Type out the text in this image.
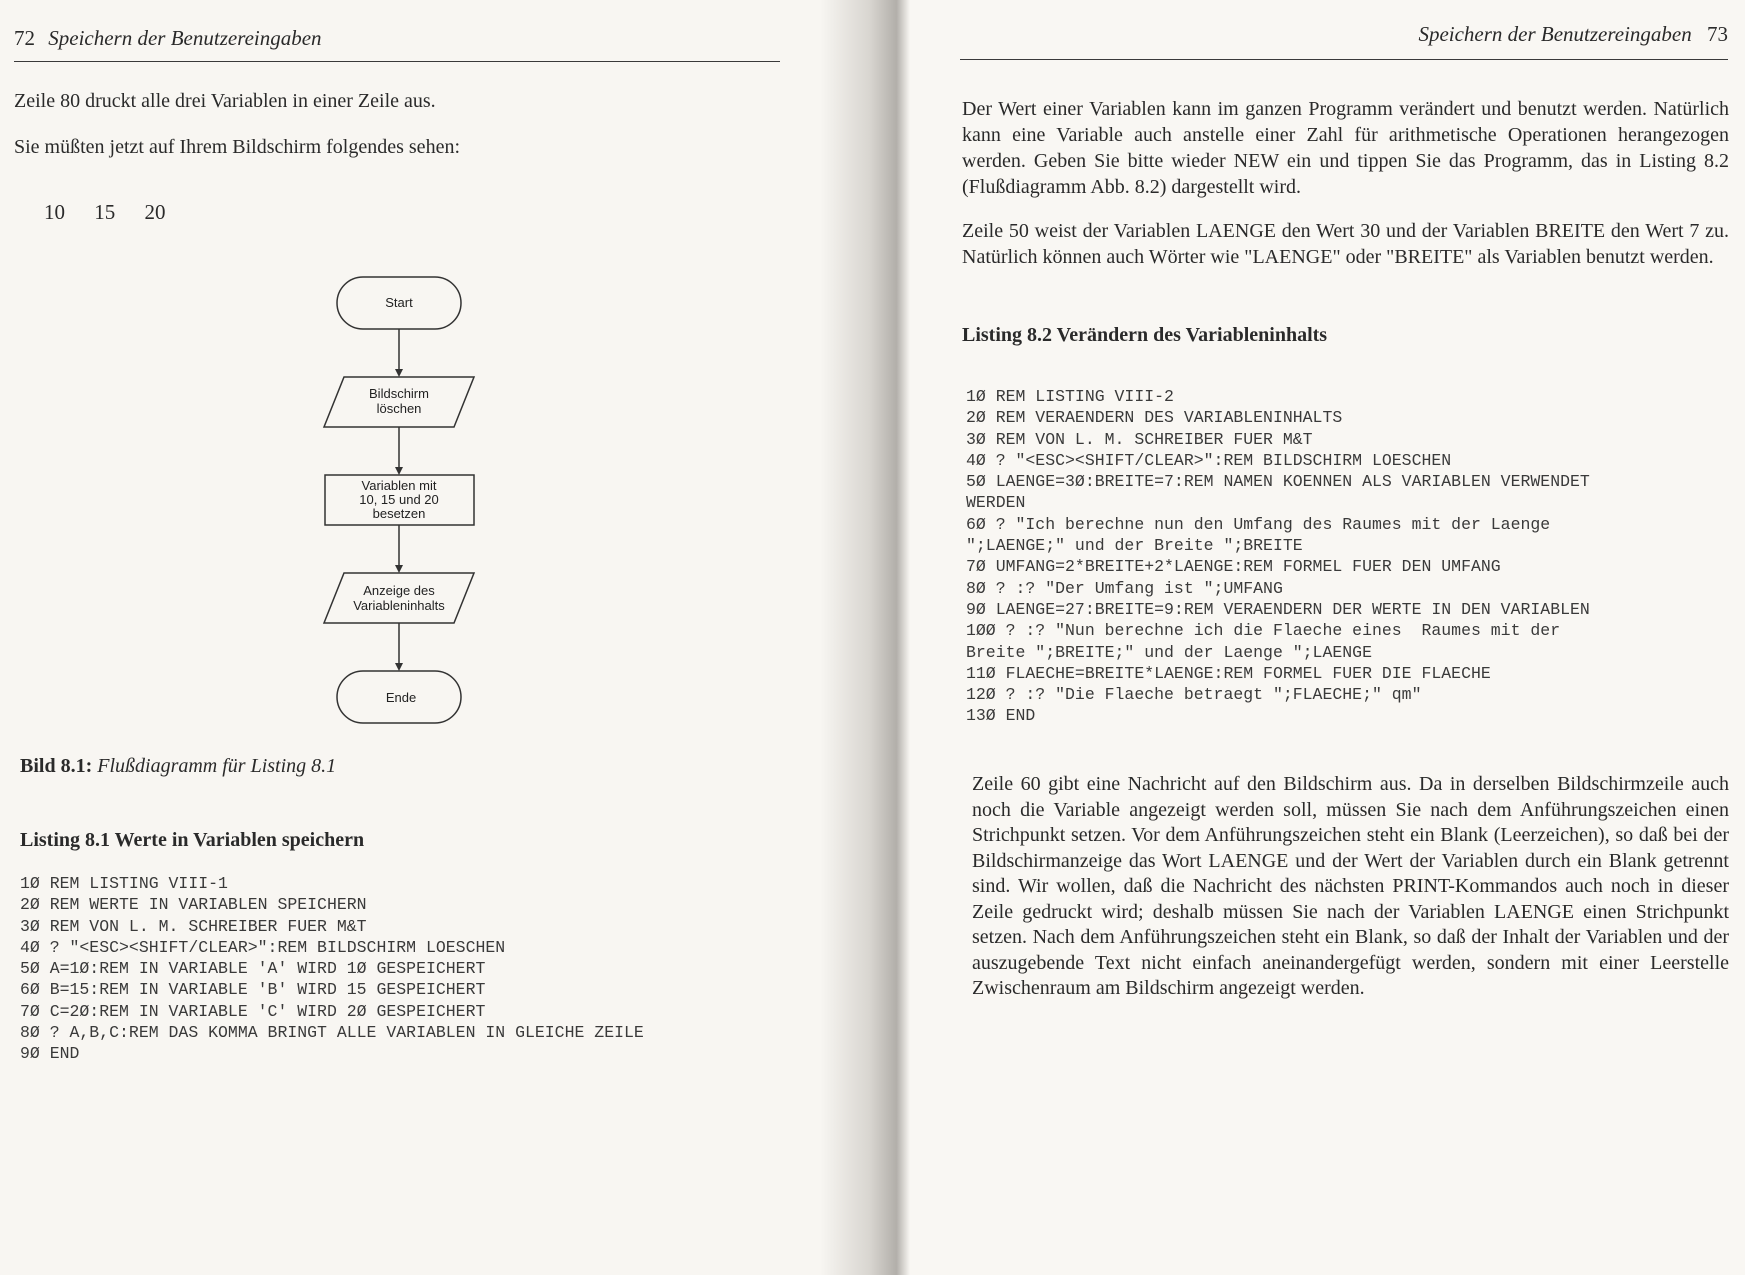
72 Speichern der Benutzereingaben
Zeile 80 druckt alle drei Variablen in einer Zeile aus.
Sie müßten jetzt auf Ihrem Bildschirm folgendes sehen:
10 15 20
Start
Bildschirm
löschen
Variablen mit
10, 15 und 20
besetzen
Anzeige des
Variableninhalts
Ende
Bild 8.1: Flußdiagramm für Listing 8.1
Listing 8.1 Werte in Variablen speichern
1Ø REM LISTING VIII-1
2Ø REM WERTE IN VARIABLEN SPEICHERN
3Ø REM VON L. M. SCHREIBER FUER M&T
4Ø ? "<ESC><SHIFT/CLEAR>":REM BILDSCHIRM LOESCHEN
5Ø A=1Ø:REM IN VARIABLE 'A' WIRD 1Ø GESPEICHERT
6Ø B=15:REM IN VARIABLE 'B' WIRD 15 GESPEICHERT
7Ø C=2Ø:REM IN VARIABLE 'C' WIRD 2Ø GESPEICHERT
8Ø ? A,B,C:REM DAS KOMMA BRINGT ALLE VARIABLEN IN GLEICHE ZEILE
9Ø END
Speichern der Benutzereingaben 73
Der Wert einer Variablen kann im ganzen Programm verändert und benutzt werden. Natürlich kann eine Variable auch anstelle einer Zahl für arithmetische Operationen herangezogen werden. Geben Sie bitte wieder NEW ein und tippen Sie das Programm, das in Listing 8.2 (Flußdiagramm Abb. 8.2) dargestellt wird.
Zeile 50 weist der Variablen LAENGE den Wert 30 und der Variablen BREITE den Wert 7 zu. Natürlich können auch Wörter wie "LAENGE" oder "BREITE" als Variablen benutzt werden.
Listing 8.2 Verändern des Variableninhalts
1Ø REM LISTING VIII-2
2Ø REM VERAENDERN DES VARIABLENINHALTS
3Ø REM VON L. M. SCHREIBER FUER M&T
4Ø ? "<ESC><SHIFT/CLEAR>":REM BILDSCHIRM LOESCHEN
5Ø LAENGE=3Ø:BREITE=7:REM NAMEN KOENNEN ALS VARIABLEN VERWENDET
WERDEN
6Ø ? "Ich berechne nun den Umfang des Raumes mit der Laenge
";LAENGE;" und der Breite ";BREITE
7Ø UMFANG=2*BREITE+2*LAENGE:REM FORMEL FUER DEN UMFANG
8Ø ? :? "Der Umfang ist ";UMFANG
9Ø LAENGE=27:BREITE=9:REM VERAENDERN DER WERTE IN DEN VARIABLEN
1ØØ ? :? "Nun berechne ich die Flaeche eines  Raumes mit der
Breite ";BREITE;" und der Laenge ";LAENGE
11Ø FLAECHE=BREITE*LAENGE:REM FORMEL FUER DIE FLAECHE
12Ø ? :? "Die Flaeche betraegt ";FLAECHE;" qm"
13Ø END
Zeile 60 gibt eine Nachricht auf den Bildschirm aus. Da in derselben Bildschirmzeile auch noch die Variable angezeigt werden soll, müssen Sie nach dem Anführungszeichen einen Strichpunkt setzen. Vor dem Anführungszeichen steht ein Blank (Leerzeichen), so daß bei der Bildschirmanzeige das Wort LAENGE und der Wert der Variablen durch ein Blank getrennt sind. Wir wollen, daß die Nachricht des nächsten PRINT-Kommandos auch noch in dieser Zeile gedruckt wird; deshalb müssen Sie nach der Variablen LAENGE einen Strichpunkt setzen. Nach dem Anführungszeichen steht ein Blank, so daß der Inhalt der Variablen und der auszugebende Text nicht einfach aneinandergefügt werden, sondern mit einer Leerstelle Zwischenraum am Bildschirm angezeigt werden.
